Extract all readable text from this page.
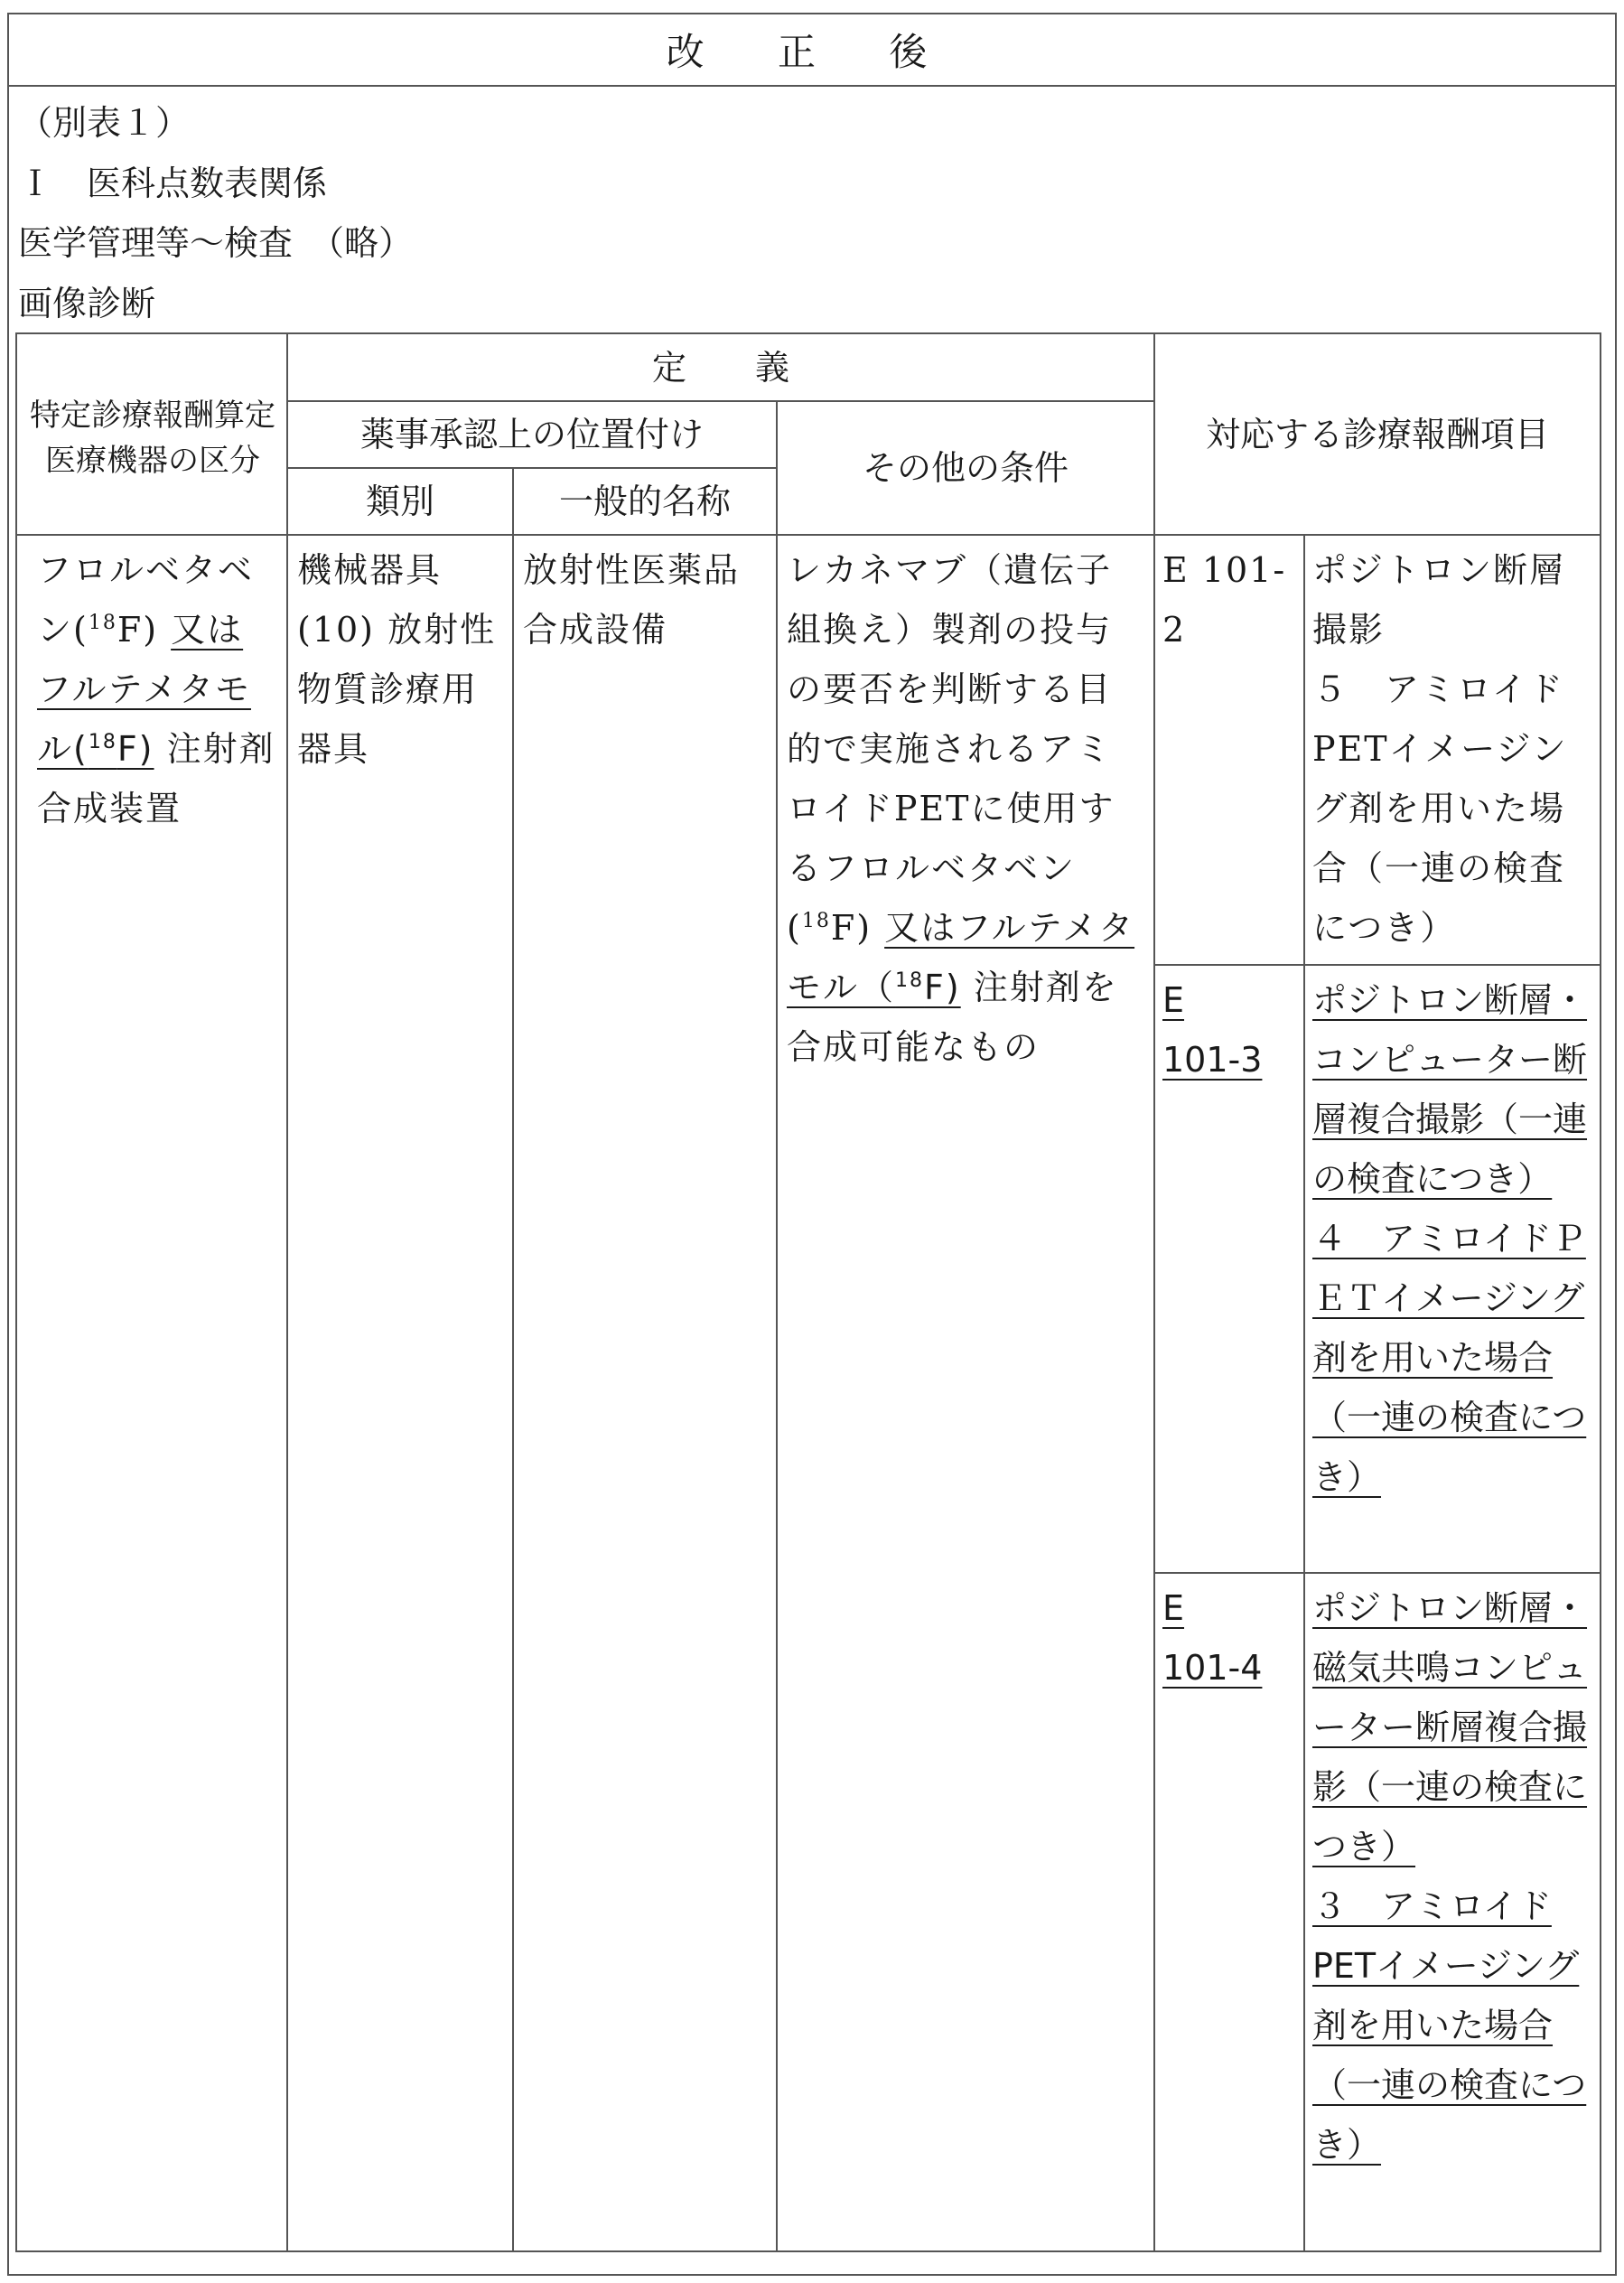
改 正 後
（別表１）
Ｉ　医科点数表関係
医学管理等～検査　（略）
画像診断
特定診療報酬算定医療機器の区分
定　　義
薬事承認上の位置付け
類別	一般的名称
その他の条件
対応する診療報酬項目
フロルベタベン($^{18}$F) 又はフルテメタモル($^{18}$F) 注射剤合成装置
機械器具(10) 放射性物質診療用器具
放射性医薬品合成設備
レカネマブ（遺伝子組換え）製剤の投与の要否を判断する目的で実施されるアミロイドPETに使用するフロルベタベン($^{18}$F) 又はフルテメタモル（$^{18}$F) 注射剤を合成可能なもの
E 101-2
ポジトロン断層撮影
５　アミロイドPETイメージング剤を用いた場合（一連の検査につき）
E 101-3
ポジトロン断層・コンピューター断層複合撮影（一連の検査につき）
４　アミロイドＰＥＴイメージング剤を用いた場合（一連の検査につき）
E 101-4
ポジトロン断層・磁気共鳴コンピューター断層複合撮影（一連の検査につき）
３　アミロイドPETイメージング剤を用いた場合（一連の検査につき）
